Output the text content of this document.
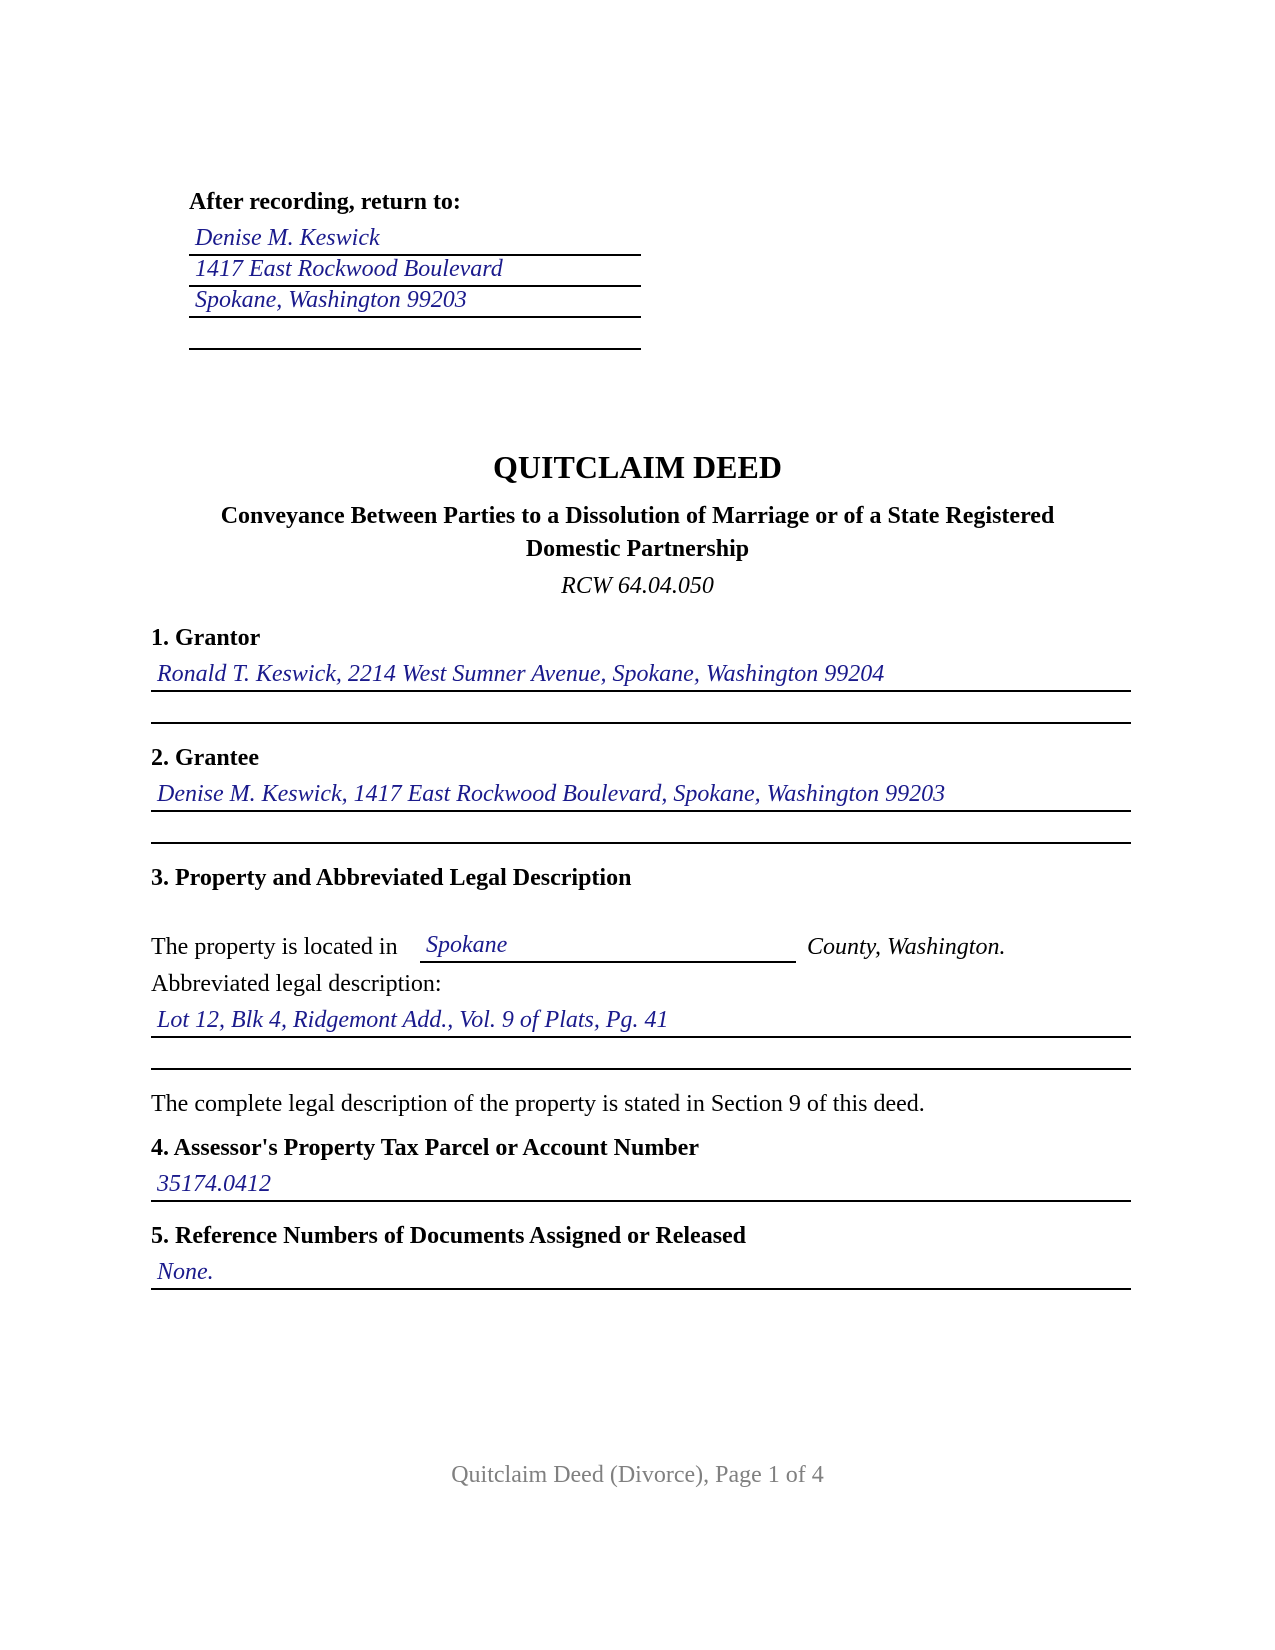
After recording, return to:
Denise M. Keswick
1417 East Rockwood Boulevard
Spokane, Washington 99203
QUITCLAIM DEED
Conveyance Between Parties to a Dissolution of Marriage or of a State Registered
Domestic Partnership
RCW 64.04.050
1. Grantor
Ronald T. Keswick, 2214 West Sumner Avenue, Spokane, Washington 99204
2. Grantee
Denise M. Keswick, 1417 East Rockwood Boulevard, Spokane, Washington 99203
3. Property and Abbreviated Legal Description
The property is located in Spokane	County, Washington.
Abbreviated legal description:
Lot 12, Blk 4, Ridgemont Add., Vol. 9 of Plats, Pg. 41
The complete legal description of the property is stated in Section 9 of this deed.
4. Assessor's Property Tax Parcel or Account Number
35174.0412
5. Reference Numbers of Documents Assigned or Released
None.
Quitclaim Deed (Divorce), Page 1 of 4
